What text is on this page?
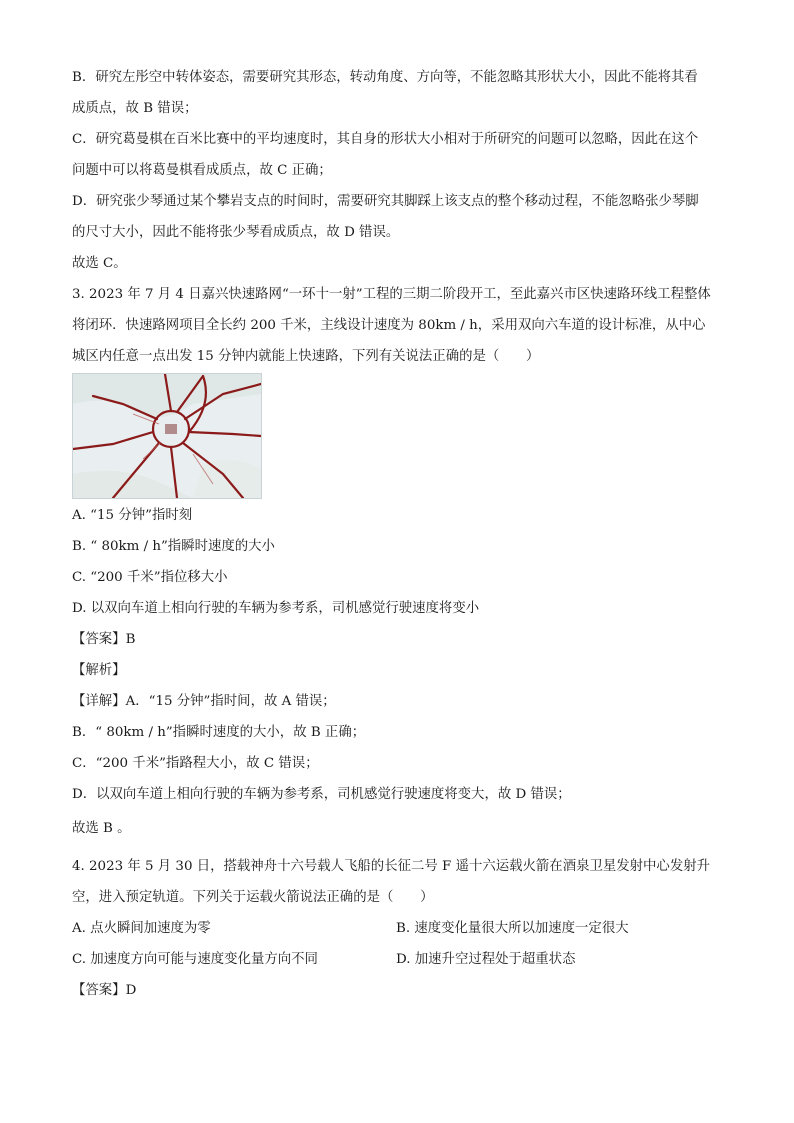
B．研究左彤空中转体姿态，需要研究其形态，转动角度、方向等，不能忽略其形状大小，因此不能将其看
成质点，故 B 错误；
C．研究葛曼棋在百米比赛中的平均速度时，其自身的形状大小相对于所研究的问题可以忽略，因此在这个
问题中可以将葛曼棋看成质点，故 C 正确；
D．研究张少琴通过某个攀岩支点的时间时，需要研究其脚踩上该支点的整个移动过程，不能忽略张少琴脚
的尺寸大小，因此不能将张少琴看成质点，故 D 错误。
故选 C。
3. 2023 年 7 月 4 日嘉兴快速路网“一环十一射”工程的三期二阶段开工，至此嘉兴市区快速路环线工程整体
将闭环．快速路网项目全长约 200 千米，主线设计速度为 80km / h，采用双向六车道的设计标准，从中心
城区内任意一点出发 15 分钟内就能上快速路，下列有关说法正确的是（　　）
A. “15 分钟”指时刻
B. “ 80km / h”指瞬时速度的大小
C. “200 千米”指位移大小
D. 以双向车道上相向行驶的车辆为参考系，司机感觉行驶速度将变小
【答案】B
【解析】
【详解】A．“15 分钟”指时间，故 A 错误；
B．“ 80km / h”指瞬时速度的大小，故 B 正确；
C．“200 千米”指路程大小，故 C 错误；
D．以双向车道上相向行驶的车辆为参考系，司机感觉行驶速度将变大，故 D 错误；
故选 B 。
4. 2023 年 5 月 30 日，搭载神舟十六号载人飞船的长征二号 F 遥十六运载火箭在酒泉卫星发射中心发射升
空，进入预定轨道。下列关于运载火箭说法正确的是（　　）
A. 点火瞬间加速度为零	B. 速度变化量很大所以加速度一定很大
C. 加速度方向可能与速度变化量方向不同	D. 加速升空过程处于超重状态
【答案】D
